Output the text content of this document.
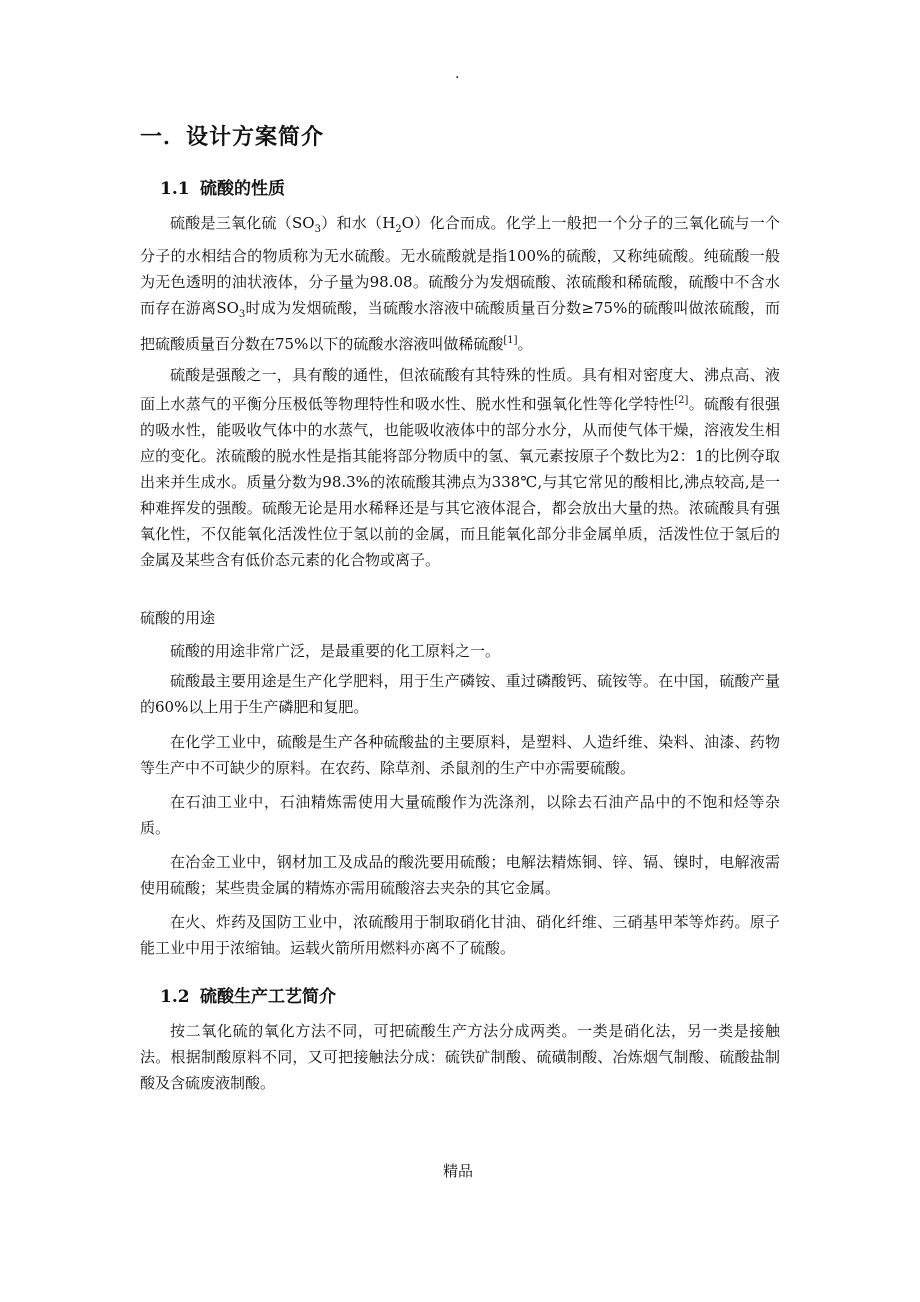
.
一．设计方案简介
1.1 硫酸的性质

硫酸是三氧化硫$(SO_3)$和水$(H_2O)$化合而成。化学上一般把一个分子的三氧化硫与一个分子的水相结合的物质称为无水硫酸。无水硫酸就是指100%的硫酸，又称纯硫酸。纯硫酸一般为无色透明的油状液体，分子量为98.08。硫酸分为发烟硫酸、浓硫酸和稀硫酸，硫酸中不含水而存在游离$SO_3$时成为发烟硫酸，当硫酸水溶液中硫酸质量百分数≥75%的硫酸叫做浓硫酸，而把硫酸质量百分数在75%以下的硫酸水溶液叫做稀硫酸[1]。

硫酸是强酸之一，具有酸的通性，但浓硫酸有其特殊的性质。具有相对密度大、沸点高、液面上水蒸气的平衡分压极低等物理特性和吸水性、脱水性和强氧化性等化学特性[2]。硫酸有很强的吸水性，能吸收气体中的水蒸气，也能吸收液体中的部分水分，从而使气体干燥，溶液发生相应的变化。浓硫酸的脱水性是指其能将部分物质中的氢、氧元素按原子个数比为2：1的比例夺取出来并生成水。质量分数为98.3%的浓硫酸其沸点为338℃,与其它常见的酸相比,沸点较高,是一种难挥发的强酸。硫酸无论是用水稀释还是与其它液体混合，都会放出大量的热。浓硫酸具有强氧化性，不仅能氧化活泼性位于氢以前的金属，而且能氧化部分非金属单质，活泼性位于氢后的金属及某些含有低价态元素的化合物或离子。

硫酸的用途

硫酸的用途非常广泛，是最重要的化工原料之一。

硫酸最主要用途是生产化学肥料，用于生产磷铵、重过磷酸钙、硫铵等。在中国，硫酸产量的60%以上用于生产磷肥和复肥。

在化学工业中，硫酸是生产各种硫酸盐的主要原料，是塑料、人造纤维、染料、油漆、药物等生产中不可缺少的原料。在农药、除草剂、杀鼠剂的生产中亦需要硫酸。

在石油工业中，石油精炼需使用大量硫酸作为洗涤剂，以除去石油产品中的不饱和烃等杂质。

在冶金工业中，钢材加工及成品的酸洗要用硫酸；电解法精炼铜、锌、镉、镍时，电解液需使用硫酸；某些贵金属的精炼亦需用硫酸溶去夹杂的其它金属。

在火、炸药及国防工业中，浓硫酸用于制取硝化甘油、硝化纤维、三硝基甲苯等炸药。原子能工业中用于浓缩铀。运载火箭所用燃料亦离不了硫酸。

1.2 硫酸生产工艺简介

按二氧化硫的氧化方法不同，可把硫酸生产方法分成两类。一类是硝化法，另一类是接触法。根据制酸原料不同，又可把接触法分成：硫铁矿制酸、硫磺制酸、冶炼烟气制酸、硫酸盐制酸及含硫废液制酸。

精品
